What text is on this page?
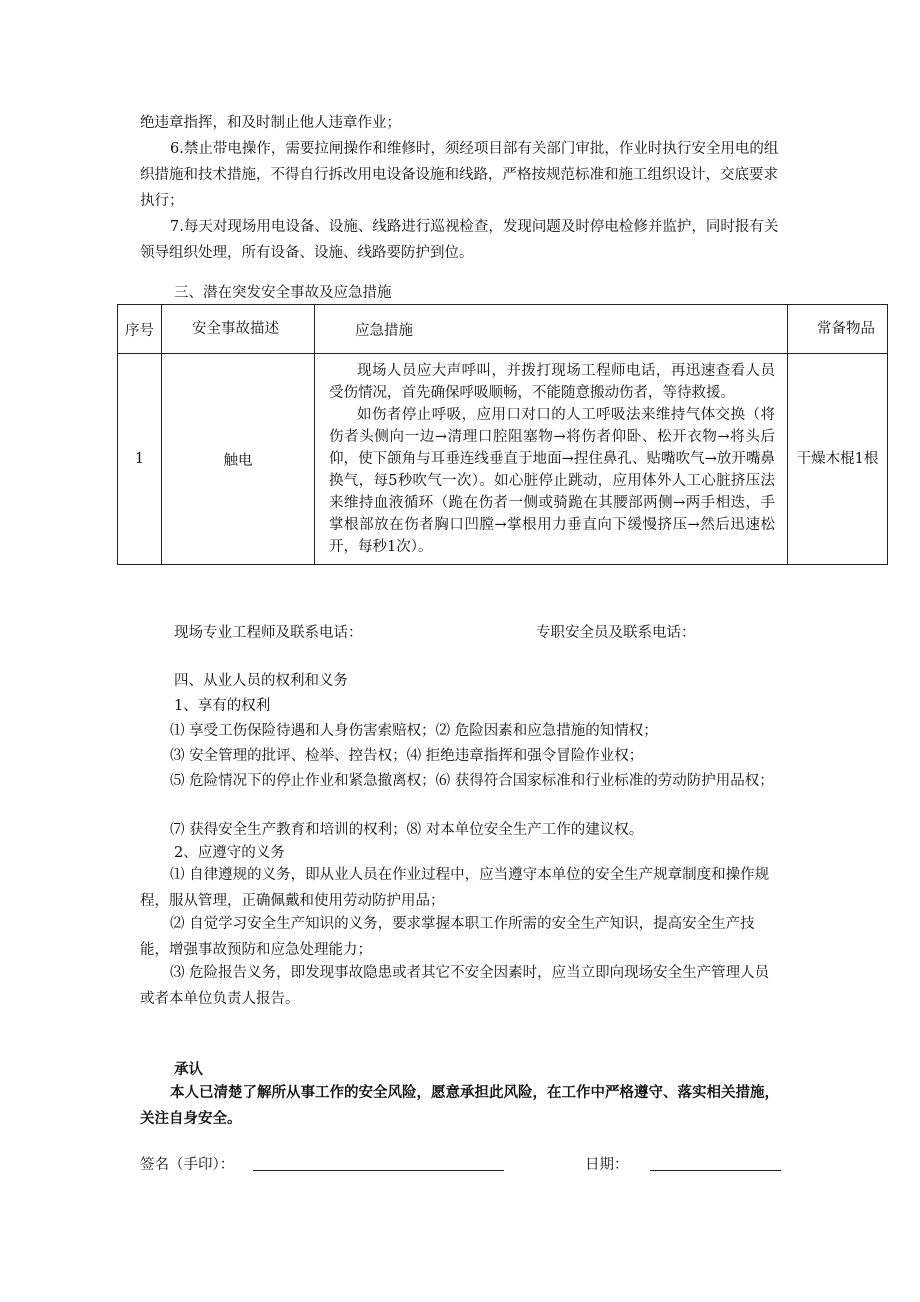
绝违章指挥，和及时制止他人违章作业；

6.禁止带电操作，需要拉闸操作和维修时，须经项目部有关部门审批，作业时执行安全用电的组织措施和技术措施，不得自行拆改用电设备设施和线路，严格按规范标准和施工组织设计，交底要求执行；

7.每天对现场用电设备、设施、线路进行巡视检查，发现问题及时停电检修并监护，同时报有关领导组织处理，所有设备、设施、线路要防护到位。

三、潜在突发安全事故及应急措施

序号	安全事故描述	应急措施	常备物品
1	触电	现场人员应大声呼叫，并拨打现场工程师电话，再迅速查看人员受伤情况，首先确保呼吸顺畅，不能随意搬动伤者，等待救援。

如伤者停止呼吸，应用口对口的人工呼吸法来维持气体交换（将伤者头侧向一边→清理口腔阻塞物→将伤者仰卧、松开衣物→将头后仰，使下颌角与耳垂连线垂直于地面→捏住鼻孔、贴嘴吹气→放开嘴鼻换气，每5秒吹气一次）。如心脏停止跳动，应用体外人工心脏挤压法来维持血液循环（跪在伤者一侧或骑跪在其腰部两侧→两手相迭，手掌根部放在伤者胸口凹膛→掌根用力垂直向下缓慢挤压→然后迅速松开，每秒1次）。	干燥木棍1根

现场专业工程师及联系电话：	专职安全员及联系电话：

四、从业人员的权利和义务

1、享有的权利

⑴ 享受工伤保险待遇和人身伤害索赔权；⑵ 危险因素和应急措施的知情权；

⑶ 安全管理的批评、检举、控告权；⑷ 拒绝违章指挥和强令冒险作业权；

⑸ 危险情况下的停止作业和紧急撤离权；⑹ 获得符合国家标准和行业标准的劳动防护用品权；

⑺ 获得安全生产教育和培训的权利；⑻ 对本单位安全生产工作的建议权。

2、应遵守的义务

⑴ 自律遵规的义务，即从业人员在作业过程中，应当遵守本单位的安全生产规章制度和操作规程，服从管理，正确佩戴和使用劳动防护用品；

⑵ 自觉学习安全生产知识的义务，要求掌握本职工作所需的安全生产知识，提高安全生产技能，增强事故预防和应急处理能力；

⑶ 危险报告义务，即发现事故隐患或者其它不安全因素时，应当立即向现场安全生产管理人员或者本单位负责人报告。

承认

本人已清楚了解所从事工作的安全风险，愿意承担此风险，在工作中严格遵守、落实相关措施，关注自身安全。

签名（手印）：	日期：
